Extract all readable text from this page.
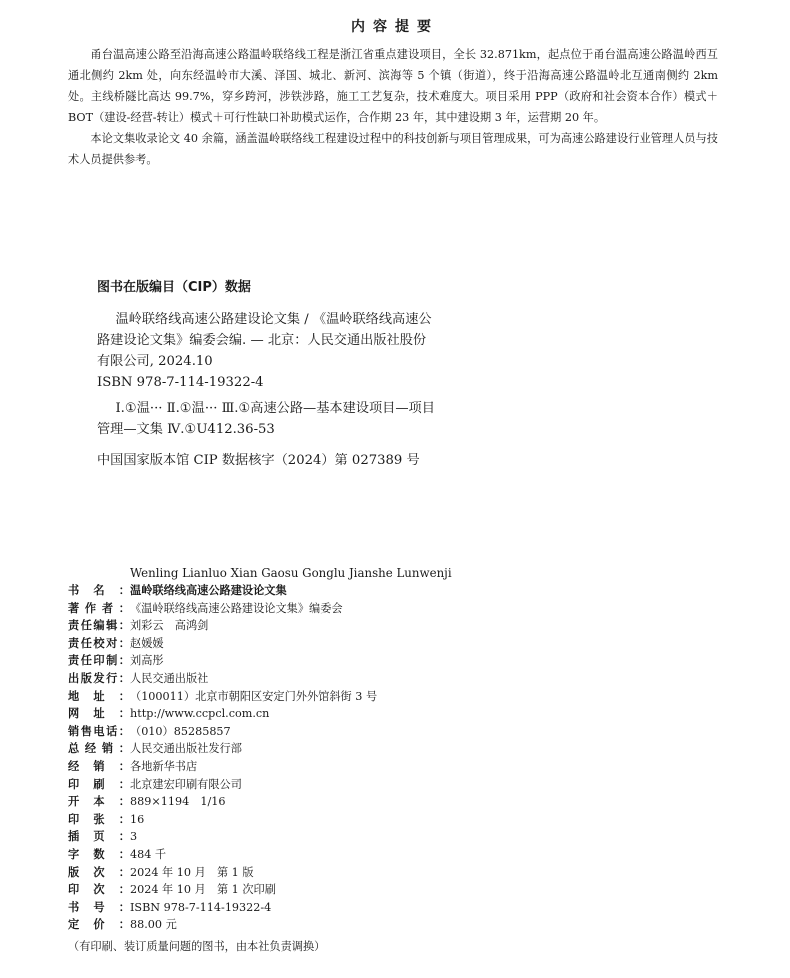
内容提要

甬台温高速公路至沿海高速公路温岭联络线工程是浙江省重点建设项目，全长 32.871km，起点位于甬台温高速公路温岭西互通北侧约 2km 处，向东经温岭市大溪、泽国、城北、新河、滨海等 5 个镇（街道），终于沿海高速公路温岭北互通南侧约 2km 处。主线桥隧比高达 99.7%，穿乡跨河，涉铁涉路，施工工艺复杂，技术难度大。项目采用 PPP（政府和社会资本合作）模式＋BOT（建设-经营-转让）模式＋可行性缺口补助模式运作，合作期 23 年，其中建设期 3 年，运营期 20 年。

本论文集收录论文 40 余篇，涵盖温岭联络线工程建设过程中的科技创新与项目管理成果，可为高速公路建设行业管理人员与技术人员提供参考。

图书在版编目（CIP）数据

温岭联络线高速公路建设论文集 / 《温岭联络线高速公路建设论文集》编委会编. — 北京：人民交通出版社股份有限公司, 2024.10

ISBN 978-7-114-19322-4

Ⅰ.①温··· Ⅱ.①温··· Ⅲ.①高速公路—基本建设项目—项目管理—文集 Ⅳ.①U412.36-53

中国国家版本馆 CIP 数据核字（2024）第 027389 号

Wenling Lianluo Xian Gaosu Gonglu Jianshe Lunwenji
书名：温岭联络线高速公路建设论文集
著作者：《温岭联络线高速公路建设论文集》编委会
责任编辑：刘彩云　高鸿剑
责任校对：赵媛媛
责任印制：刘高彤
出版发行：人民交通出版社
地址：（100011）北京市朝阳区安定门外外馆斜街 3 号
网址：http://www.ccpcl.com.cn
销售电话：（010）85285857
总经销：人民交通出版社发行部
经销：各地新华书店
印刷：北京建宏印刷有限公司
开本：889×1194　1/16
印张：16
插页：3
字数：484 千
版次：2024 年 10 月　第 1 版
印次：2024 年 10 月　第 1 次印刷
书号：ISBN 978-7-114-19322-4
定价：88.00 元
（有印刷、装订质量问题的图书，由本社负责调换）
